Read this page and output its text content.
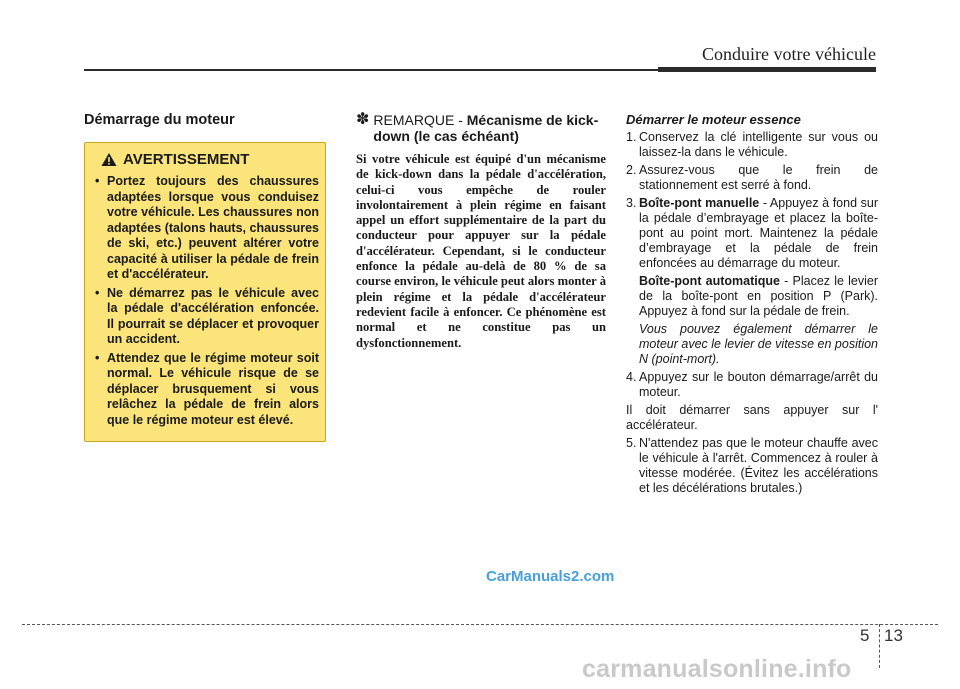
Conduire votre véhicule
Démarrage du moteur
AVERTISSEMENT
• Portez toujours des chaussures adaptées lorsque vous conduisez votre véhicule. Les chaussures non adaptées (talons hauts, chaussures de ski, etc.) peuvent altérer votre capacité à utiliser la pédale de frein et d'accélérateur.
• Ne démarrez pas le véhicule avec la pédale d'accélération enfoncée. Il pourrait se déplacer et provoquer un accident.
• Attendez que le régime moteur soit normal. Le véhicule risque de se déplacer brusquement si vous relâchez la pédale de frein alors que le régime moteur est élevé.
✽ REMARQUE - Mécanisme de kick-down (le cas échéant)
Si votre véhicule est équipé d'un mécanisme de kick-down dans la pédale d'accélération, celui-ci vous empêche de rouler involontairement à plein régime en faisant appel un effort supplémentaire de la part du conducteur pour appuyer sur la pédale d'accélérateur. Cependant, si le conducteur enfonce la pédale au-delà de 80 % de sa course environ, le véhicule peut alors monter à plein régime et la pédale d'accélérateur redevient facile à enfoncer. Ce phénomène est normal et ne constitue pas un dysfonctionnement.
Démarrer le moteur essence
1. Conservez la clé intelligente sur vous ou laissez-la dans le véhicule.
2. Assurez-vous que le frein de stationnement est serré à fond.
3. Boîte-pont manuelle - Appuyez à fond sur la pédale d’embrayage et placez la boîte-pont au point mort. Maintenez la pédale d’embrayage et la pédale de frein enfoncées au démarrage du moteur.
Boîte-pont automatique - Placez le levier de la boîte-pont en position P (Park). Appuyez à fond sur la pédale de frein.
Vous pouvez également démarrer le moteur avec le levier de vitesse en position N (point-mort).
4. Appuyez sur le bouton démarrage/arrêt du moteur.
Il doit démarrer sans appuyer sur l' accélérateur.
5. N'attendez pas que le moteur chauffe avec le véhicule à l'arrêt. Commencez à rouler à vitesse modérée. (Évitez les accélérations et les décélérations brutales.)
CarManuals2.com
5 13
carmanualsonline.info
